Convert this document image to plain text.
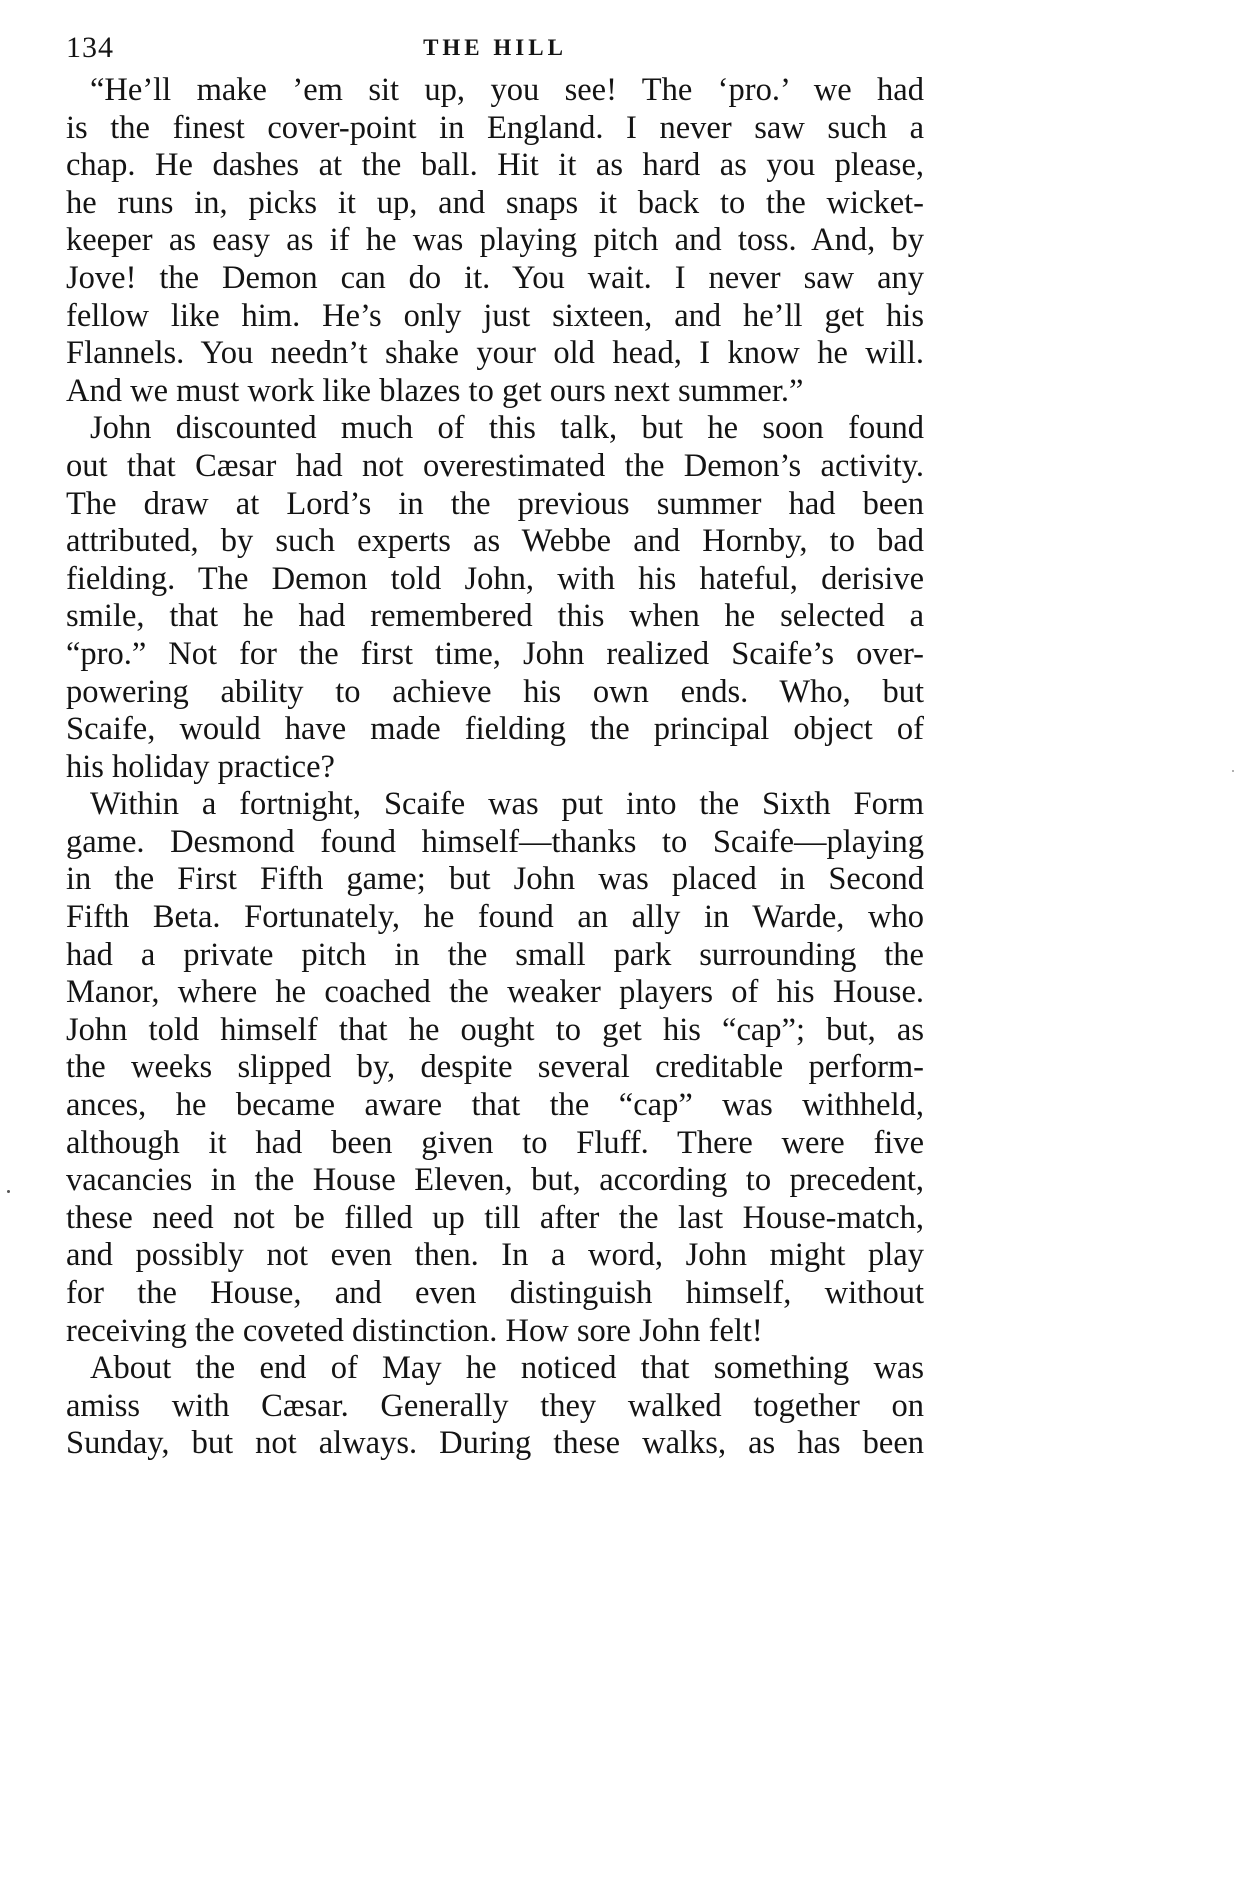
134	THE HILL

“He’ll make ’em sit up, you see! The ‘pro.’ we had
is the finest cover-point in England. I never saw such a
chap. He dashes at the ball. Hit it as hard as you please,
he runs in, picks it up, and snaps it back to the wicket-
keeper as easy as if he was playing pitch and toss. And, by
Jove! the Demon can do it. You wait. I never saw any
fellow like him. He’s only just sixteen, and he’ll get his
Flannels. You needn’t shake your old head, I know he will.
And we must work like blazes to get ours next summer.”

John discounted much of this talk, but he soon found
out that Cæsar had not overestimated the Demon’s activity.
The draw at Lord’s in the previous summer had been
attributed, by such experts as Webbe and Hornby, to bad
fielding. The Demon told John, with his hateful, derisive
smile, that he had remembered this when he selected a
“pro.” Not for the first time, John realized Scaife’s over-
powering ability to achieve his own ends. Who, but
Scaife, would have made fielding the principal object of
his holiday practice?

Within a fortnight, Scaife was put into the Sixth Form
game. Desmond found himself—thanks to Scaife—playing
in the First Fifth game; but John was placed in Second
Fifth Beta. Fortunately, he found an ally in Warde, who
had a private pitch in the small park surrounding the
Manor, where he coached the weaker players of his House.
John told himself that he ought to get his “cap”; but, as
the weeks slipped by, despite several creditable perform-
ances, he became aware that the “cap” was withheld,
although it had been given to Fluff. There were five
vacancies in the House Eleven, but, according to precedent,
these need not be filled up till after the last House-match,
and possibly not even then. In a word, John might play
for the House, and even distinguish himself, without
receiving the coveted distinction. How sore John felt!

About the end of May he noticed that something was
amiss with Cæsar. Generally they walked together on
Sunday, but not always. During these walks, as has been
